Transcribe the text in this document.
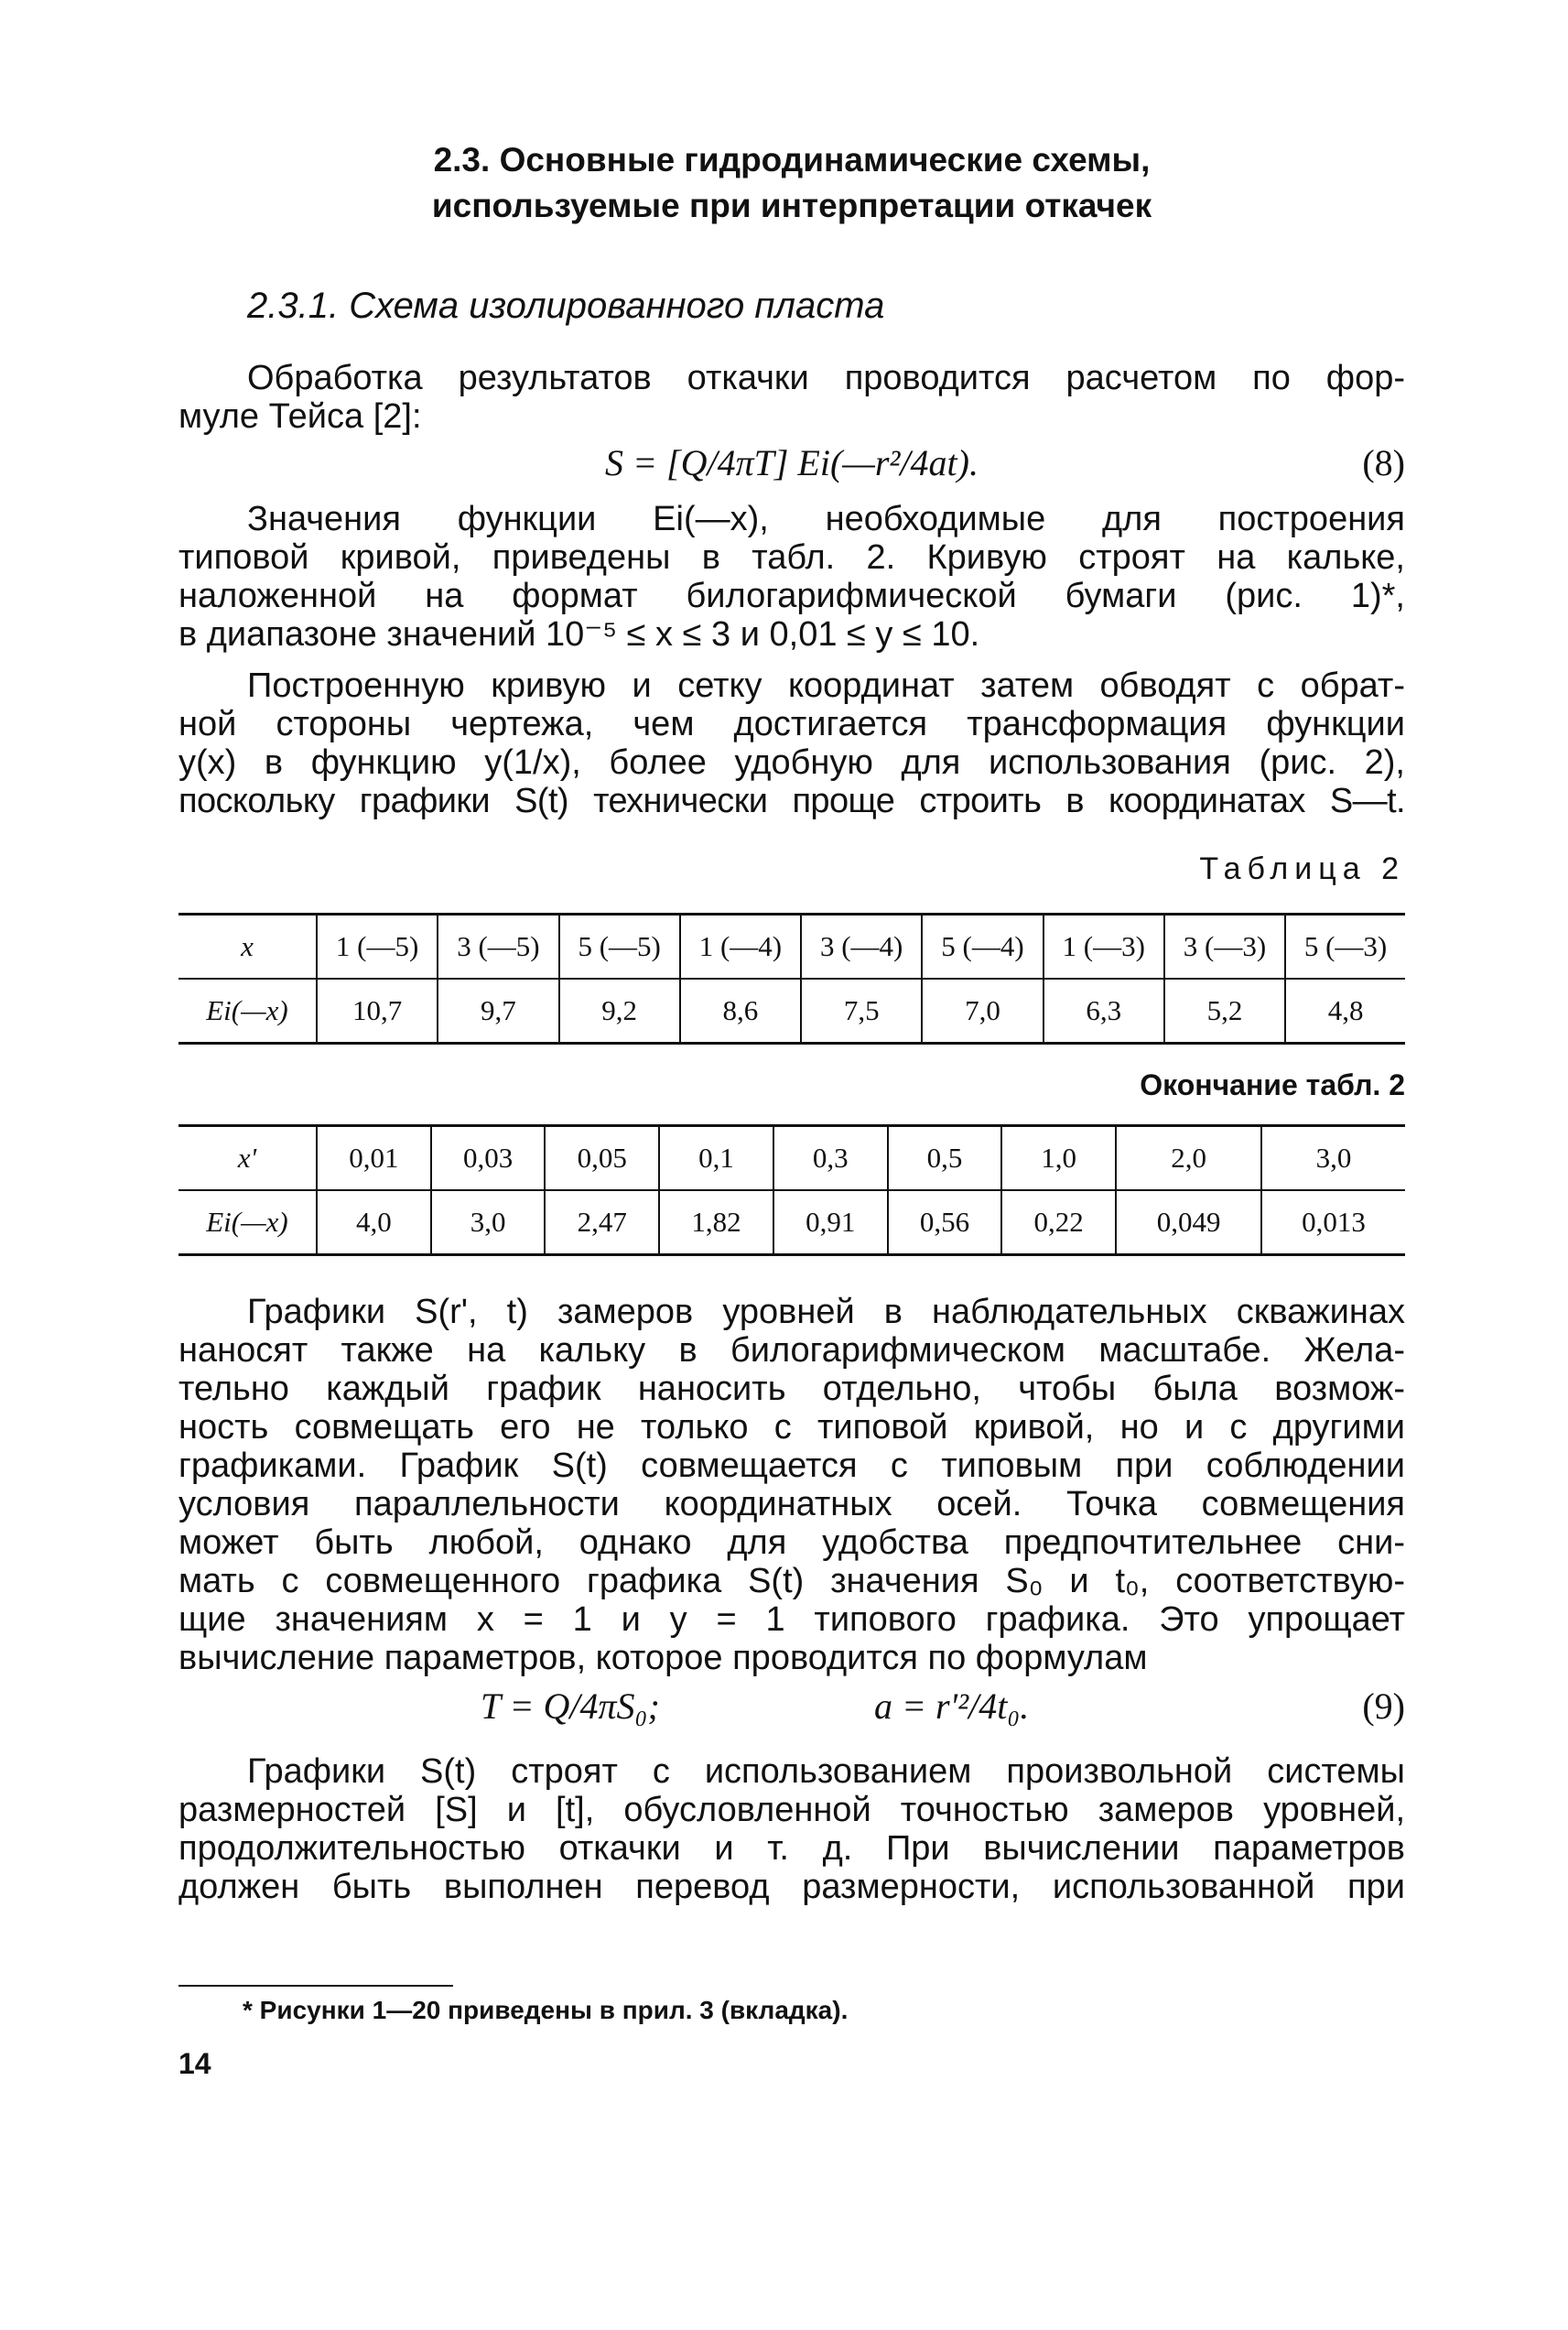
2.3. Основные гидродинамические схемы,

используемые при интерпретации откачек

2.3.1. Схема изолированного пласта

Обработка результатов откачки проводится расчетом по фор-
муле Тейса [2]:
S = [Q/4πT] Ei(—r²/4at).	(8)
Значения функции Ei(—x), необходимые для построения
типовой кривой, приведены в табл. 2. Кривую строят на кальке,
наложенной на формат билогарифмической бумаги (рис. 1)*,
в диапазоне значений 10⁻⁵ ≤ x ≤ 3 и 0,01 ≤ y ≤ 10.
Построенную кривую и сетку координат затем обводят с обрат-
ной стороны чертежа, чем достигается трансформация функции
y(x) в функцию y(1/x), более удобную для использования (рис. 2),
поскольку графики S(t) технически проще строить в координатах S—t.

Таблица 2

x	1 (—5)	3 (—5)	5 (—5)	1 (—4)	3 (—4)	5 (—4)	1 (—3)	3 (—3)	5 (—3)
Ei(—x)	10,7	9,7	9,2	8,6	7,5	7,0	6,3	5,2	4,8

Окончание табл. 2

x'	0,01	0,03	0,05	0,1	0,3	0,5	1,0	2,0	3,0
Ei(—x)	4,0	3,0	2,47	1,82	0,91	0,56	0,22	0,049	0,013
Графики S(r', t) замеров уровней в наблюдательных скважинах
наносят также на кальку в билогарифмическом масштабе. Жела-
тельно каждый график наносить отдельно, чтобы была возмож-
ность совмещать его не только с типовой кривой, но и с другими
графиками. График S(t) совмещается с типовым при соблюдении
условия параллельности координатных осей. Точка совмещения
может быть любой, однако для удобства предпочтительнее сни-
мать с совмещенного графика S(t) значения S₀ и t₀, соответствую-
щие значениям x = 1 и y = 1 типового графика. Это упрощает
вычисление параметров, которое проводится по формулам
T = Q/4πS₀;	a = r'²/4t₀.	(9)
Графики S(t) строят с использованием произвольной системы
размерностей [S] и [t], обусловленной точностью замеров уровней,
продолжительностью откачки и т. д. При вычислении параметров
должен быть выполнен перевод размерности, использованной при

* Рисунки 1—20 приведены в прил. 3 (вкладка).

14
